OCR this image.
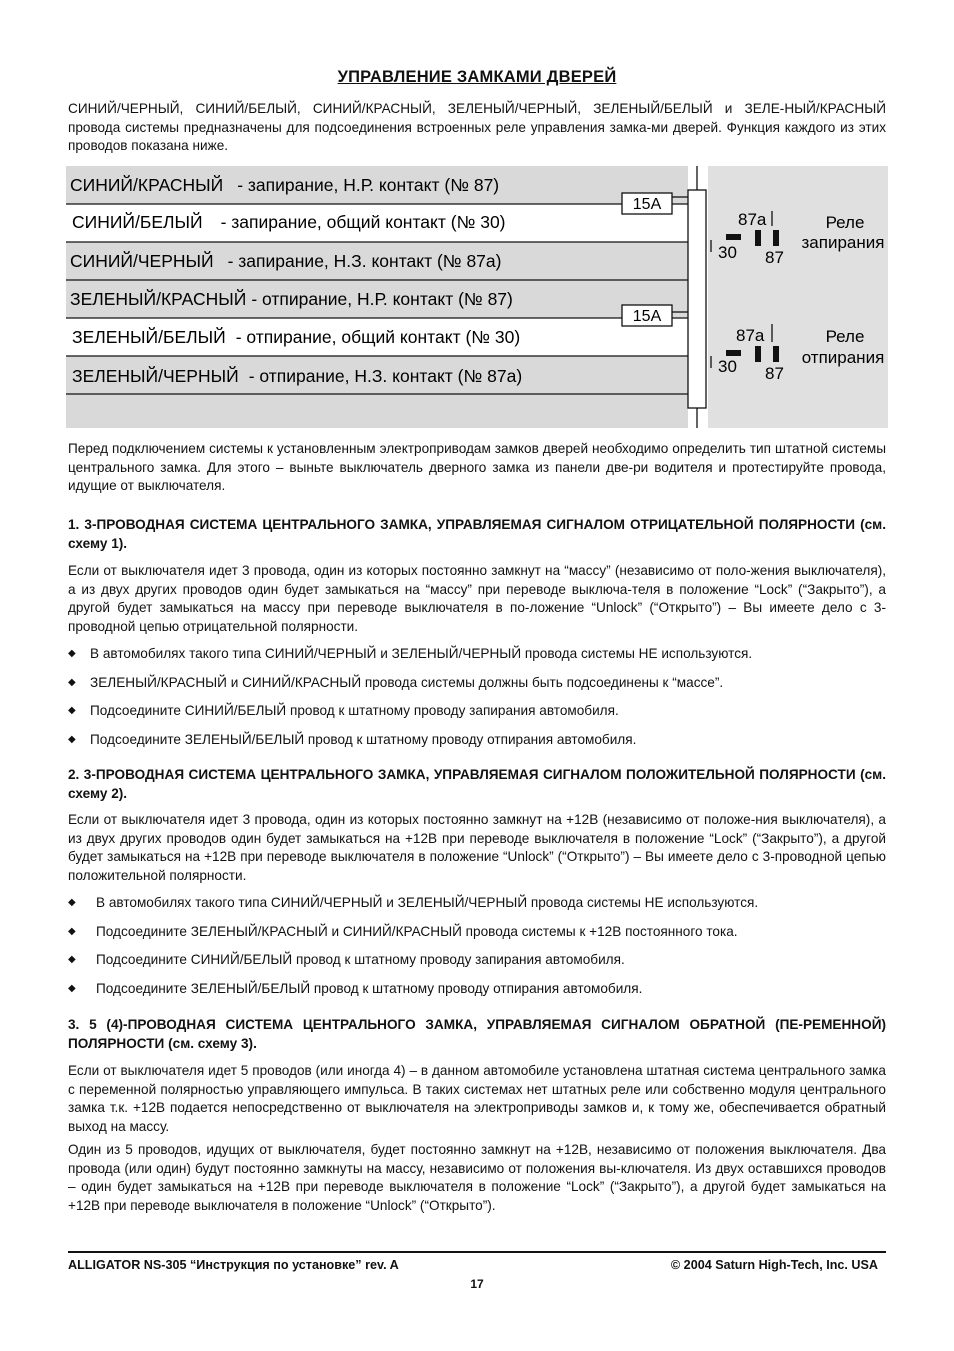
УПРАВЛЕНИЕ ЗАМКАМИ ДВЕРЕЙ

СИНИЙ/ЧЕРНЫЙ, СИНИЙ/БЕЛЫЙ, СИНИЙ/КРАСНЫЙ, ЗЕЛЕНЫЙ/ЧЕРНЫЙ, ЗЕЛЕНЫЙ/БЕЛЫЙ и ЗЕЛЕ-НЫЙ/КРАСНЫЙ провода системы предназначены для подсоединения встроенных реле управления замка-ми дверей. Функция каждого из этих проводов показана ниже.

СИНИЙ/КРАСНЫЙ - запирание, Н.Р. контакт (№ 87)
СИНИЙ/БЕЛЫЙ - запирание, общий контакт (№ 30)
СИНИЙ/ЧЕРНЫЙ - запирание, Н.З. контакт (№ 87а)
ЗЕЛЕНЫЙ/КРАСНЫЙ - отпирание, Н.Р. контакт (№ 87)
ЗЕЛЕНЫЙ/БЕЛЫЙ - отпирание, общий контакт (№ 30)
ЗЕЛЕНЫЙ/ЧЕРНЫЙ - отпирание, Н.З. контакт (№ 87а)
15A
15A
87a
30 87
Реле
запирания
87a
30 87
Реле
отпирания

Перед подключением системы к установленным электроприводам замков дверей необходимо определить тип штатной системы центрального замка. Для этого – выньте выключатель дверного замка из панели две-ри водителя и протестируйте провода, идущие от выключателя.

1. 3-ПРОВОДНАЯ СИСТЕМА ЦЕНТРАЛЬНОГО ЗАМКА, УПРАВЛЯЕМАЯ СИГНАЛОМ ОТРИЦАТЕЛЬНОЙ ПОЛЯРНОСТИ (см. схему 1).

Если от выключателя идет 3 провода, один из которых постоянно замкнут на “массу” (независимо от поло-жения выключателя), а из двух других проводов один будет замыкаться на “массу” при переводе выключа-теля в положение “Lock” (“Закрыто”), а другой будет замыкаться на массу при переводе выключателя в по-ложение “Unlock” (“Открыто”) – Вы имеете дело с 3-проводной цепью отрицательной полярности.

◆ В автомобилях такого типа СИНИЙ/ЧЕРНЫЙ и ЗЕЛЕНЫЙ/ЧЕРНЫЙ провода системы НЕ используются.
◆ ЗЕЛЕНЫЙ/КРАСНЫЙ и СИНИЙ/КРАСНЫЙ провода системы должны быть подсоединены к “массе”.
◆ Подсоедините СИНИЙ/БЕЛЫЙ провод к штатному проводу запирания автомобиля.
◆ Подсоедините ЗЕЛЕНЫЙ/БЕЛЫЙ провод к штатному проводу отпирания автомобиля.

2. 3-ПРОВОДНАЯ СИСТЕМА ЦЕНТРАЛЬНОГО ЗАМКА, УПРАВЛЯЕМАЯ СИГНАЛОМ ПОЛОЖИТЕЛЬНОЙ ПОЛЯРНОСТИ (см. схему 2).

Если от выключателя идет 3 провода, один из которых постоянно замкнут на +12В (независимо от положе-ния выключателя), а из двух других проводов один будет замыкаться на +12В при переводе выключателя в положение “Lock” (“Закрыто”), а другой будет замыкаться на +12В при переводе выключателя в положение “Unlock” (“Открыто”) – Вы имеете дело с 3-проводной цепью положительной полярности.

◆ В автомобилях такого типа СИНИЙ/ЧЕРНЫЙ и ЗЕЛЕНЫЙ/ЧЕРНЫЙ провода системы НЕ используются.
◆ Подсоедините ЗЕЛЕНЫЙ/КРАСНЫЙ и СИНИЙ/КРАСНЫЙ провода системы к +12В постоянного тока.
◆ Подсоедините СИНИЙ/БЕЛЫЙ провод к штатному проводу запирания автомобиля.
◆ Подсоедините ЗЕЛЕНЫЙ/БЕЛЫЙ провод к штатному проводу отпирания автомобиля.

3. 5 (4)-ПРОВОДНАЯ СИСТЕМА ЦЕНТРАЛЬНОГО ЗАМКА, УПРАВЛЯЕМАЯ СИГНАЛОМ ОБРАТНОЙ (ПЕ-РЕМЕННОЙ) ПОЛЯРНОСТИ (см. схему 3).

Если от выключателя идет 5 проводов (или иногда 4) – в данном автомобиле установлена штатная система центрального замка с переменной полярностью управляющего импульса. В таких системах нет штатных реле или собственно модуля центрального замка т.к. +12В подается непосредственно от выключателя на электроприводы замков и, к тому же, обеспечивается обратный выход на массу.

Один из 5 проводов, идущих от выключателя, будет постоянно замкнут на +12В, независимо от положения выключателя. Два провода (или один) будут постоянно замкнуты на массу, независимо от положения вы-ключателя. Из двух оставшихся проводов – один будет замыкаться на +12В при переводе выключателя в положение “Lock” (“Закрыто”), а другой будет замыкаться на +12В при переводе выключателя в положение “Unlock” (“Открыто”).

ALLIGATOR NS-305 “Инструкция по установке” rev. A	© 2004 Saturn High-Tech, Inc. USA
17
